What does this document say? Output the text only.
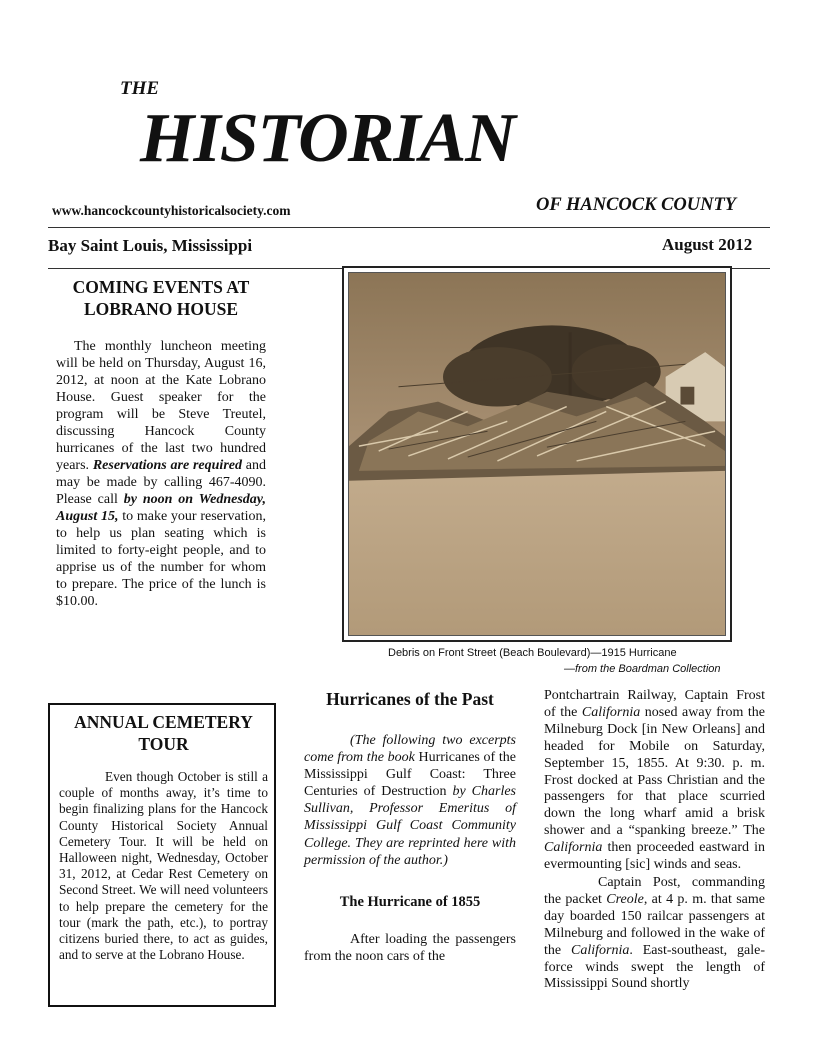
THE
HISTORIAN
www.hancockcountyhistoricalsociety.com	OF HANCOCK COUNTY
Bay Saint Louis, Mississippi	August 2012

COMING EVENTS AT LOBRANO HOUSE

The monthly luncheon meeting will be held on Thursday, August 16, 2012, at noon at the Kate Lobrano House. Guest speaker for the program will be Steve Treutel, discussing Hancock County hurricanes of the last two hundred years. Reservations are required and may be made by calling 467-4090. Please call by noon on Wednesday, August 15, to make your reservation, to help us plan seating which is limited to forty-eight people, and to apprise us of the number for whom to prepare. The price of the lunch is $10.00.

Debris on Front Street (Beach Boulevard)—1915 Hurricane
—from the Boardman Collection

ANNUAL CEMETERY TOUR

Even though October is still a couple of months away, it’s time to begin finalizing plans for the Hancock County Historical Society Annual Cemetery Tour. It will be held on Halloween night, Wednesday, October 31, 2012, at Cedar Rest Cemetery on Second Street. We will need volunteers to help prepare the cemetery for the tour (mark the path, etc.), to portray citizens buried there, to act as guides, and to serve at the Lobrano House.

Hurricanes of the Past

(The following two excerpts come from the book Hurricanes of the Mississippi Gulf Coast: Three Centuries of Destruction by Charles Sullivan, Professor Emeritus of Mississippi Gulf Coast Community College. They are reprinted here with permission of the author.)

The Hurricane of 1855

After loading the passengers from the noon cars of the

Pontchartrain Railway, Captain Frost of the California nosed away from the Milneburg Dock [in New Orleans] and headed for Mobile on Saturday, September 15, 1855. At 9:30. p. m. Frost docked at Pass Christian and the passengers for that place scurried down the long wharf amid a brisk shower and a “spanking breeze.” The California then proceeded eastward in evermounting [sic] winds and seas.

Captain Post, commanding the packet Creole, at 4 p. m. that same day boarded 150 railcar passengers at Milneburg and followed in the wake of the California. East-southeast, gale-force winds swept the length of Mississippi Sound shortly
